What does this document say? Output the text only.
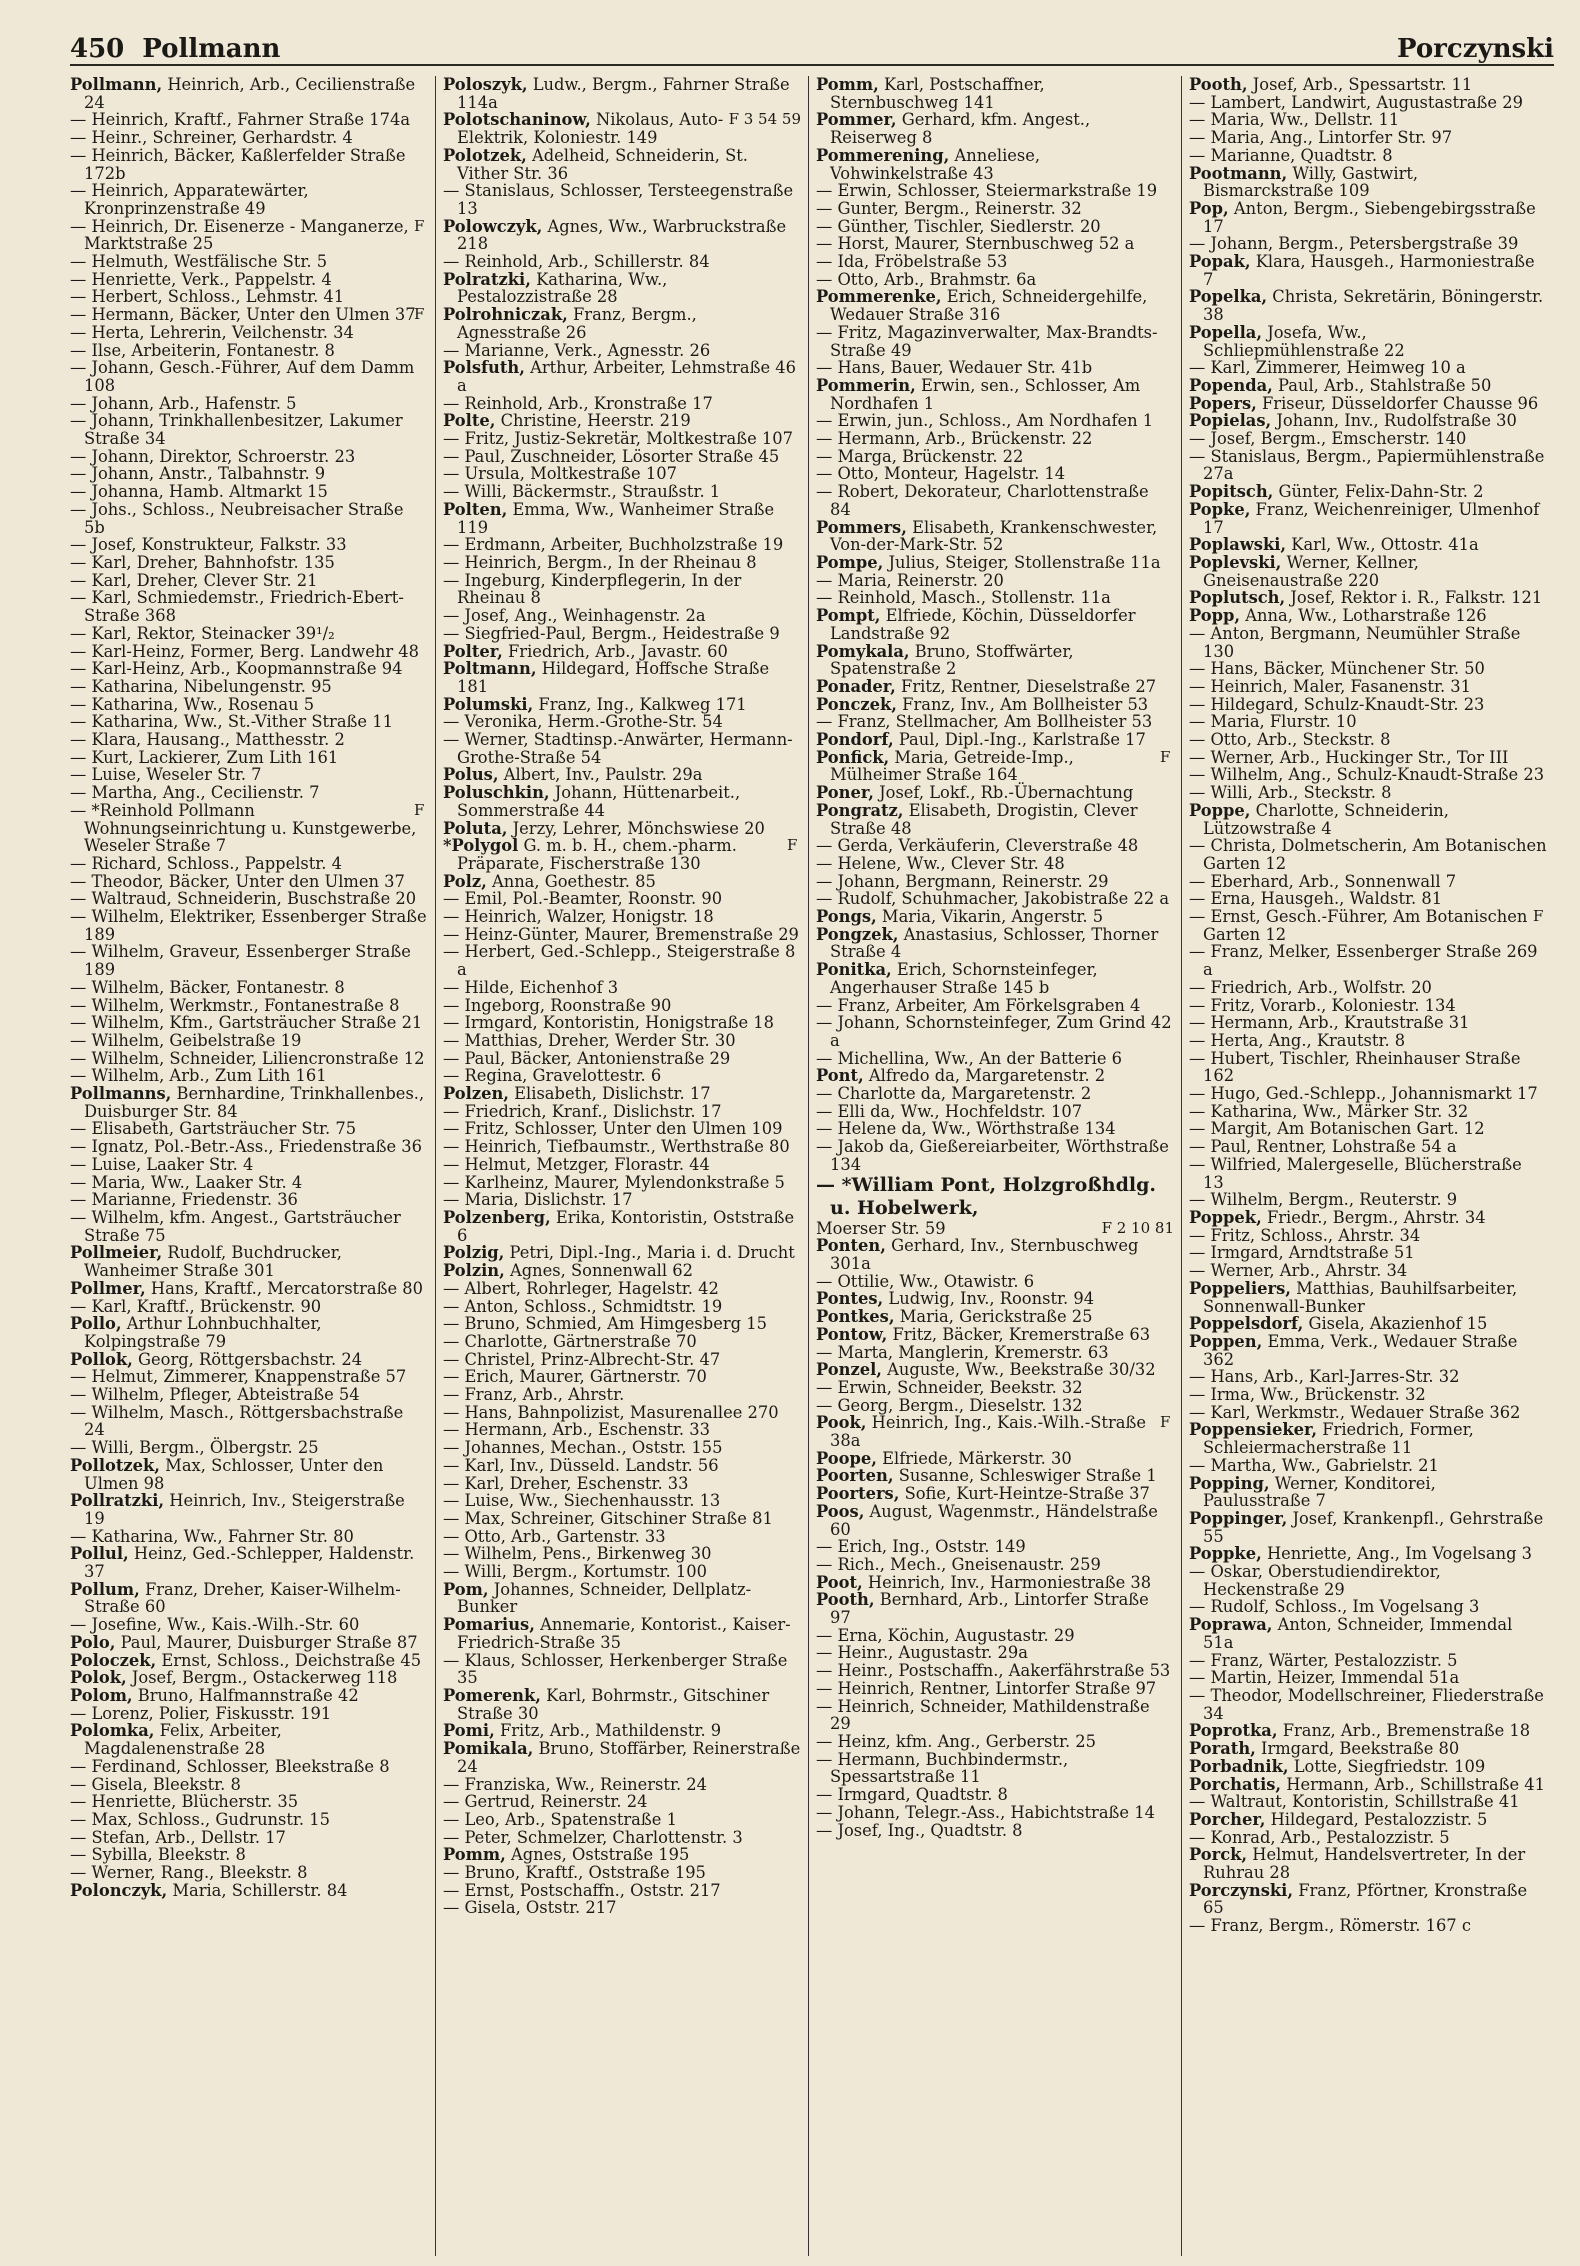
450 Pollmann	Porczynski

Pollmann, Heinrich, Arb., Cecilienstraße 24

— Heinrich, Kraftf., Fahrner Straße 174a

— Heinr., Schreiner, Gerhardstr. 4

— Heinrich, Bäcker, Kaßlerfelder Straße 172b

— Heinrich, Apparatewärter, Kronprinzenstraße 49

F
— Heinrich, Dr. Eisenerze - Manganerze, Marktstraße 25

— Helmuth, Westfälische Str. 5

— Henriette, Verk., Pappelstr. 4

— Herbert, Schloss., Lehmstr. 41

F
— Hermann, Bäcker, Unter den Ulmen 37

— Herta, Lehrerin, Veilchenstr. 34

— Ilse, Arbeiterin, Fontanestr. 8

— Johann, Gesch.-Führer, Auf dem Damm 108

— Johann, Arb., Hafenstr. 5

— Johann, Trinkhallenbesitzer, Lakumer Straße 34

— Johann, Direktor, Schroerstr. 23

— Johann, Anstr., Talbahnstr. 9

— Johanna, Hamb. Altmarkt 15

— Johs., Schloss., Neubreisacher Straße 5b

— Josef, Konstrukteur, Falkstr. 33

— Karl, Dreher, Bahnhofstr. 135

— Karl, Dreher, Clever Str. 21

— Karl, Schmiedemstr., Friedrich-Ebert-Straße 368

— Karl, Rektor, Steinacker 39¹/₂

— Karl-Heinz, Former, Berg. Landwehr 48

— Karl-Heinz, Arb., Koopmannstraße 94

— Katharina, Nibelungenstr. 95

— Katharina, Ww., Rosenau 5

— Katharina, Ww., St.-Vither Straße 11

— Klara, Hausang., Matthesstr. 2

— Kurt, Lackierer, Zum Lith 161

— Luise, Weseler Str. 7

— Martha, Ang., Cecilienstr. 7

F
— *Reinhold Pollmann Wohnungseinrichtung u. Kunstgewerbe, Weseler Straße 7

— Richard, Schloss., Pappelstr. 4

— Theodor, Bäcker, Unter den Ulmen 37

— Waltraud, Schneiderin, Buschstraße 20

— Wilhelm, Elektriker, Essenberger Straße 189

— Wilhelm, Graveur, Essenberger Straße 189

— Wilhelm, Bäcker, Fontanestr. 8

— Wilhelm, Werkmstr., Fontanestraße 8

— Wilhelm, Kfm., Gartsträucher Straße 21

— Wilhelm, Geibelstraße 19

— Wilhelm, Schneider, Liliencronstraße 12

— Wilhelm, Arb., Zum Lith 161

Pollmanns, Bernhardine, Trinkhallenbes., Duisburger Str. 84

— Elisabeth, Gartsträucher Str. 75

— Ignatz, Pol.-Betr.-Ass., Friedenstraße 36

— Luise, Laaker Str. 4

— Maria, Ww., Laaker Str. 4

— Marianne, Friedenstr. 36

— Wilhelm, kfm. Angest., Gartsträucher Straße 75

Pollmeier, Rudolf, Buchdrucker, Wanheimer Straße 301

Pollmer, Hans, Kraftf., Mercatorstraße 80

— Karl, Kraftf., Brückenstr. 90

Pollo, Arthur Lohnbuchhalter, Kolpingstraße 79

Pollok, Georg, Röttgersbachstr. 24

— Helmut, Zimmerer, Knappenstraße 57

— Wilhelm, Pfleger, Abteistraße 54

— Wilhelm, Masch., Röttgersbachstraße 24

— Willi, Bergm., Ölbergstr. 25

Pollotzek, Max, Schlosser, Unter den Ulmen 98

Pollratzki, Heinrich, Inv., Steigerstraße 19

— Katharina, Ww., Fahrner Str. 80

Pollul, Heinz, Ged.-Schlepper, Haldenstr. 37

Pollum, Franz, Dreher, Kaiser-Wilhelm-Straße 60

— Josefine, Ww., Kais.-Wilh.-Str. 60

Polo, Paul, Maurer, Duisburger Straße 87

Poloczek, Ernst, Schloss., Deichstraße 45

Polok, Josef, Bergm., Ostackerweg 118

Polom, Bruno, Halfmannstraße 42

— Lorenz, Polier, Fiskusstr. 191

Polomka, Felix, Arbeiter, Magdalenenstraße 28

— Ferdinand, Schlosser, Bleekstraße 8

— Gisela, Bleekstr. 8

— Henriette, Blücherstr. 35

— Max, Schloss., Gudrunstr. 15

— Stefan, Arb., Dellstr. 17

— Sybilla, Bleekstr. 8

— Werner, Rang., Bleekstr. 8

Polonczyk, Maria, Schillerstr. 84

Poloszyk, Ludw., Bergm., Fahrner Straße 114a

F 3 54 59
Polotschaninow, Nikolaus, Auto-Elektrik, Koloniestr. 149

Polotzek, Adelheid, Schneiderin, St. Vither Str. 36

— Stanislaus, Schlosser, Tersteegenstraße 13

Polowczyk, Agnes, Ww., Warbruckstraße 218

— Reinhold, Arb., Schillerstr. 84

Polratzki, Katharina, Ww., Pestalozzistraße 28

Polrohniczak, Franz, Bergm., Agnesstraße 26

— Marianne, Verk., Agnesstr. 26

Polsfuth, Arthur, Arbeiter, Lehmstraße 46 a

— Reinhold, Arb., Kronstraße 17

Polte, Christine, Heerstr. 219

— Fritz, Justiz-Sekretär, Moltkestraße 107

— Paul, Zuschneider, Lösorter Straße 45

— Ursula, Moltkestraße 107

— Willi, Bäckermstr., Straußstr. 1

Polten, Emma, Ww., Wanheimer Straße 119

— Erdmann, Arbeiter, Buchholzstraße 19

— Heinrich, Bergm., In der Rheinau 8

— Ingeburg, Kinderpflegerin, In der Rheinau 8

— Josef, Ang., Weinhagenstr. 2a

— Siegfried-Paul, Bergm., Heidestraße 9

Polter, Friedrich, Arb., Javastr. 60

Poltmann, Hildegard, Hoffsche Straße 181

Polumski, Franz, Ing., Kalkweg 171

— Veronika, Herm.-Grothe-Str. 54

— Werner, Stadtinsp.-Anwärter, Hermann-Grothe-Straße 54

Polus, Albert, Inv., Paulstr. 29a

Poluschkin, Johann, Hüttenarbeit., Sommerstraße 44

Poluta, Jerzy, Lehrer, Mönchswiese 20

F
*Polygol G. m. b. H., chem.-pharm. Präparate, Fischerstraße 130

Polz, Anna, Goethestr. 85

— Emil, Pol.-Beamter, Roonstr. 90

— Heinrich, Walzer, Honigstr. 18

— Heinz-Günter, Maurer, Bremenstraße 29

— Herbert, Ged.-Schlepp., Steigerstraße 8 a

— Hilde, Eichenhof 3

— Ingeborg, Roonstraße 90

— Irmgard, Kontoristin, Honigstraße 18

— Matthias, Dreher, Werder Str. 30

— Paul, Bäcker, Antonienstraße 29

— Regina, Gravelottestr. 6

Polzen, Elisabeth, Dislichstr. 17

— Friedrich, Kranf., Dislichstr. 17

— Fritz, Schlosser, Unter den Ulmen 109

— Heinrich, Tiefbaumstr., Werthstraße 80

— Helmut, Metzger, Florastr. 44

— Karlheinz, Maurer, Mylendonkstraße 5

— Maria, Dislichstr. 17

Polzenberg, Erika, Kontoristin, Oststraße 6

Polzig, Petri, Dipl.-Ing., Maria i. d. Drucht

Polzin, Agnes, Sonnenwall 62

— Albert, Rohrleger, Hagelstr. 42

— Anton, Schloss., Schmidtstr. 19

— Bruno, Schmied, Am Himgesberg 15

— Charlotte, Gärtnerstraße 70

— Christel, Prinz-Albrecht-Str. 47

— Erich, Maurer, Gärtnerstr. 70

— Franz, Arb., Ahrstr.

— Hans, Bahnpolizist, Masurenallee 270

— Hermann, Arb., Eschenstr. 33

— Johannes, Mechan., Oststr. 155

— Karl, Inv., Düsseld. Landstr. 56

— Karl, Dreher, Eschenstr. 33

— Luise, Ww., Siechenhausstr. 13

— Max, Schreiner, Gitschiner Straße 81

— Otto, Arb., Gartenstr. 33

— Wilhelm, Pens., Birkenweg 30

— Willi, Bergm., Kortumstr. 100

Pom, Johannes, Schneider, Dellplatz-Bunker

Pomarius, Annemarie, Kontorist., Kaiser-Friedrich-Straße 35

— Klaus, Schlosser, Herkenberger Straße 35

Pomerenk, Karl, Bohrmstr., Gitschiner Straße 30

Pomi, Fritz, Arb., Mathildenstr. 9

Pomikala, Bruno, Stoffärber, Reinerstraße 24

— Franziska, Ww., Reinerstr. 24

— Gertrud, Reinerstr. 24

— Leo, Arb., Spatenstraße 1

— Peter, Schmelzer, Charlottenstr. 3

Pomm, Agnes, Oststraße 195

— Bruno, Kraftf., Oststraße 195

— Ernst, Postschaffn., Oststr. 217

— Gisela, Oststr. 217

Pomm, Karl, Postschaffner, Sternbuschweg 141

Pommer, Gerhard, kfm. Angest., Reiserweg 8

Pommerening, Anneliese, Vohwinkelstraße 43

— Erwin, Schlosser, Steiermarkstraße 19

— Gunter, Bergm., Reinerstr. 32

— Günther, Tischler, Siedlerstr. 20

— Horst, Maurer, Sternbuschweg 52 a

— Ida, Fröbelstraße 53

— Otto, Arb., Brahmstr. 6a

Pommerenke, Erich, Schneidergehilfe, Wedauer Straße 316

— Fritz, Magazinverwalter, Max-Brandts-Straße 49

— Hans, Bauer, Wedauer Str. 41b

Pommerin, Erwin, sen., Schlosser, Am Nordhafen 1

— Erwin, jun., Schloss., Am Nordhafen 1

— Hermann, Arb., Brückenstr. 22

— Marga, Brückenstr. 22

— Otto, Monteur, Hagelstr. 14

— Robert, Dekorateur, Charlottenstraße 84

Pommers, Elisabeth, Krankenschwester, Von-der-Mark-Str. 52

Pompe, Julius, Steiger, Stollenstraße 11a

— Maria, Reinerstr. 20

— Reinhold, Masch., Stollenstr. 11a

Pompt, Elfriede, Köchin, Düsseldorfer Landstraße 92

Pomykala, Bruno, Stoffwärter, Spatenstraße 2

Ponader, Fritz, Rentner, Dieselstraße 27

Ponczek, Franz, Inv., Am Bollheister 53

— Franz, Stellmacher, Am Bollheister 53

Pondorf, Paul, Dipl.-Ing., Karlstraße 17

F
Ponfick, Maria, Getreide-Imp., Mülheimer Straße 164

Poner, Josef, Lokf., Rb.-Übernachtung

Pongratz, Elisabeth, Drogistin, Clever Straße 48

— Gerda, Verkäuferin, Cleverstraße 48

— Helene, Ww., Clever Str. 48

— Johann, Bergmann, Reinerstr. 29

— Rudolf, Schuhmacher, Jakobistraße 22 a

Pongs, Maria, Vikarin, Angerstr. 5

Pongzek, Anastasius, Schlosser, Thorner Straße 4

Ponitka, Erich, Schornsteinfeger, Angerhauser Straße 145 b

— Franz, Arbeiter, Am Förkelsgraben 4

— Johann, Schornsteinfeger, Zum Grind 42 a

— Michellina, Ww., An der Batterie 6

Pont, Alfredo da, Margaretenstr. 2

— Charlotte da, Margaretenstr. 2

— Elli da, Ww., Hochfeldstr. 107

— Helene da, Ww., Wörthstraße 134

— Jakob da, Gießereiarbeiter, Wörthstraße 134

— *William Pont, Holzgroßhdlg. u. Hobelwerk,

F 2 10 81
Moerser Str. 59

Ponten, Gerhard, Inv., Sternbuschweg 301a

— Ottilie, Ww., Otawistr. 6

Pontes, Ludwig, Inv., Roonstr. 94

Pontkes, Maria, Gerickstraße 25

Pontow, Fritz, Bäcker, Kremerstraße 63

— Marta, Manglerin, Kremerstr. 63

Ponzel, Auguste, Ww., Beekstraße 30/32

— Erwin, Schneider, Beekstr. 32

— Georg, Bergm., Dieselstr. 132

F
Pook, Heinrich, Ing., Kais.-Wilh.-Straße 38a

Poope, Elfriede, Märkerstr. 30

Poorten, Susanne, Schleswiger Straße 1

Poorters, Sofie, Kurt-Heintze-Straße 37

Poos, August, Wagenmstr., Händelstraße 60

— Erich, Ing., Oststr. 149

— Rich., Mech., Gneisenaustr. 259

Poot, Heinrich, Inv., Harmoniestraße 38

Pooth, Bernhard, Arb., Lintorfer Straße 97

— Erna, Köchin, Augustastr. 29

— Heinr., Augustastr. 29a

— Heinr., Postschaffn., Aakerfährstraße 53

— Heinrich, Rentner, Lintorfer Straße 97

— Heinrich, Schneider, Mathildenstraße 29

— Heinz, kfm. Ang., Gerberstr. 25

— Hermann, Buchbindermstr., Spessartstraße 11

— Irmgard, Quadtstr. 8

— Johann, Telegr.-Ass., Habichtstraße 14

— Josef, Ing., Quadtstr. 8

Pooth, Josef, Arb., Spessartstr. 11

— Lambert, Landwirt, Augustastraße 29

— Maria, Ww., Dellstr. 11

— Maria, Ang., Lintorfer Str. 97

— Marianne, Quadtstr. 8

Pootmann, Willy, Gastwirt, Bismarckstraße 109

Pop, Anton, Bergm., Siebengebirgsstraße 17

— Johann, Bergm., Petersbergstraße 39

Popak, Klara, Hausgeh., Harmoniestraße 7

Popelka, Christa, Sekretärin, Böningerstr. 38

Popella, Josefa, Ww., Schliepmühlenstraße 22

— Karl, Zimmerer, Heimweg 10 a

Popenda, Paul, Arb., Stahlstraße 50

Popers, Friseur, Düsseldorfer Chausse 96

Popielas, Johann, Inv., Rudolfstraße 30

— Josef, Bergm., Emscherstr. 140

— Stanislaus, Bergm., Papiermühlenstraße 27a

Popitsch, Günter, Felix-Dahn-Str. 2

Popke, Franz, Weichenreiniger, Ulmenhof 17

Poplawski, Karl, Ww., Ottostr. 41a

Poplevski, Werner, Kellner, Gneisenaustraße 220

Poplutsch, Josef, Rektor i. R., Falkstr. 121

Popp, Anna, Ww., Lotharstraße 126

— Anton, Bergmann, Neumühler Straße 130

— Hans, Bäcker, Münchener Str. 50

— Heinrich, Maler, Fasanenstr. 31

— Hildegard, Schulz-Knaudt-Str. 23

— Maria, Flurstr. 10

— Otto, Arb., Steckstr. 8

— Werner, Arb., Huckinger Str., Tor III

— Wilhelm, Ang., Schulz-Knaudt-Straße 23

— Willi, Arb., Steckstr. 8

Poppe, Charlotte, Schneiderin, Lützowstraße 4

— Christa, Dolmetscherin, Am Botanischen Garten 12

— Eberhard, Arb., Sonnenwall 7

— Erna, Hausgeh., Waldstr. 81

F
— Ernst, Gesch.-Führer, Am Botanischen Garten 12

— Franz, Melker, Essenberger Straße 269 a

— Friedrich, Arb., Wolfstr. 20

— Fritz, Vorarb., Koloniestr. 134

— Hermann, Arb., Krautstraße 31

— Herta, Ang., Krautstr. 8

— Hubert, Tischler, Rheinhauser Straße 162

— Hugo, Ged.-Schlepp., Johannismarkt 17

— Katharina, Ww., Märker Str. 32

— Margit, Am Botanischen Gart. 12

— Paul, Rentner, Lohstraße 54 a

— Wilfried, Malergeselle, Blücherstraße 13

— Wilhelm, Bergm., Reuterstr. 9

Poppek, Friedr., Bergm., Ahrstr. 34

— Fritz, Schloss., Ahrstr. 34

— Irmgard, Arndtstraße 51

— Werner, Arb., Ahrstr. 34

Poppeliers, Matthias, Bauhilfsarbeiter, Sonnenwall-Bunker

Poppelsdorf, Gisela, Akazienhof 15

Poppen, Emma, Verk., Wedauer Straße 362

— Hans, Arb., Karl-Jarres-Str. 32

— Irma, Ww., Brückenstr. 32

— Karl, Werkmstr., Wedauer Straße 362

Poppensieker, Friedrich, Former, Schleiermacherstraße 11

— Martha, Ww., Gabrielstr. 21

Popping, Werner, Konditorei, Paulusstraße 7

Poppinger, Josef, Krankenpfl., Gehrstraße 55

Poppke, Henriette, Ang., Im Vogelsang 3

— Oskar, Oberstudiendirektor, Heckenstraße 29

— Rudolf, Schloss., Im Vogelsang 3

Poprawa, Anton, Schneider, Immendal 51a

— Franz, Wärter, Pestalozzistr. 5

— Martin, Heizer, Immendal 51a

— Theodor, Modellschreiner, Fliederstraße 34

Poprotka, Franz, Arb., Bremenstraße 18

Porath, Irmgard, Beekstraße 80

Porbadnik, Lotte, Siegfriedstr. 109

Porchatis, Hermann, Arb., Schillstraße 41

— Waltraut, Kontoristin, Schillstraße 41

Porcher, Hildegard, Pestalozzistr. 5

— Konrad, Arb., Pestalozzistr. 5

Porck, Helmut, Handelsvertreter, In der Ruhrau 28

Porczynski, Franz, Pförtner, Kronstraße 65

— Franz, Bergm., Römerstr. 167 c
